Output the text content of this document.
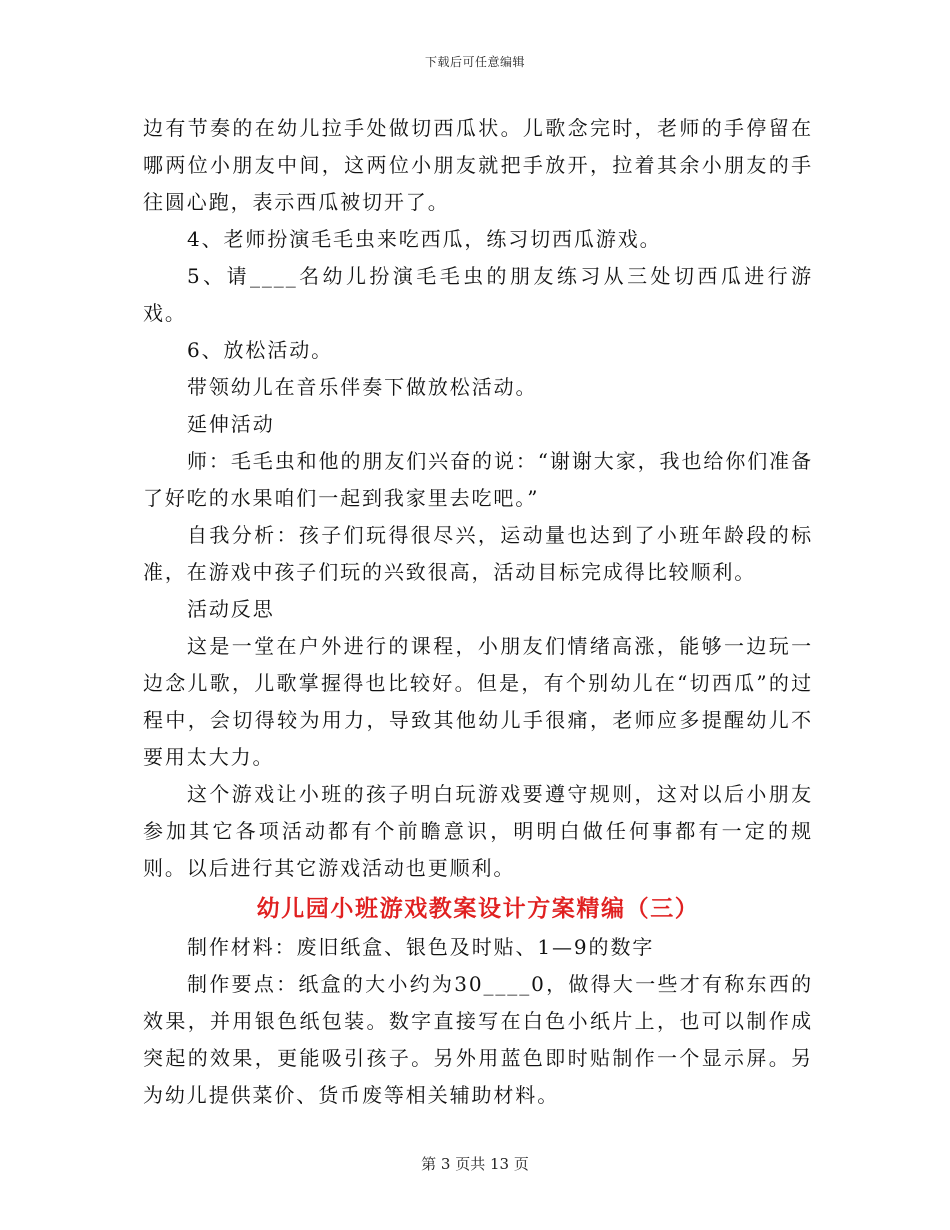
下载后可任意编辑

边有节奏的在幼儿拉手处做切西瓜状。儿歌念完时，老师的手停留在哪两位小朋友中间，这两位小朋友就把手放开，拉着其余小朋友的手往圆心跑，表示西瓜被切开了。

4、老师扮演毛毛虫来吃西瓜，练习切西瓜游戏。

5、请____名幼儿扮演毛毛虫的朋友练习从三处切西瓜进行游戏。

6、放松活动。

带领幼儿在音乐伴奏下做放松活动。

延伸活动

师：毛毛虫和他的朋友们兴奋的说：“谢谢大家，我也给你们准备了好吃的水果咱们一起到我家里去吃吧。”

自我分析：孩子们玩得很尽兴，运动量也达到了小班年龄段的标准，在游戏中孩子们玩的兴致很高，活动目标完成得比较顺利。

活动反思

这是一堂在户外进行的课程，小朋友们情绪高涨，能够一边玩一边念儿歌，儿歌掌握得也比较好。但是，有个别幼儿在“切西瓜”的过程中，会切得较为用力，导致其他幼儿手很痛，老师应多提醒幼儿不要用太大力。

这个游戏让小班的孩子明白玩游戏要遵守规则，这对以后小朋友参加其它各项活动都有个前瞻意识，明明白做任何事都有一定的规则。以后进行其它游戏活动也更顺利。

幼儿园小班游戏教案设计方案精编（三）

制作材料：废旧纸盒、银色及时贴、1—9的数字

制作要点：纸盒的大小约为30____0，做得大一些才有称东西的效果，并用银色纸包装。数字直接写在白色小纸片上，也可以制作成突起的效果，更能吸引孩子。另外用蓝色即时贴制作一个显示屏。另为幼儿提供菜价、货币废等相关辅助材料。

第 3 页共 13 页
